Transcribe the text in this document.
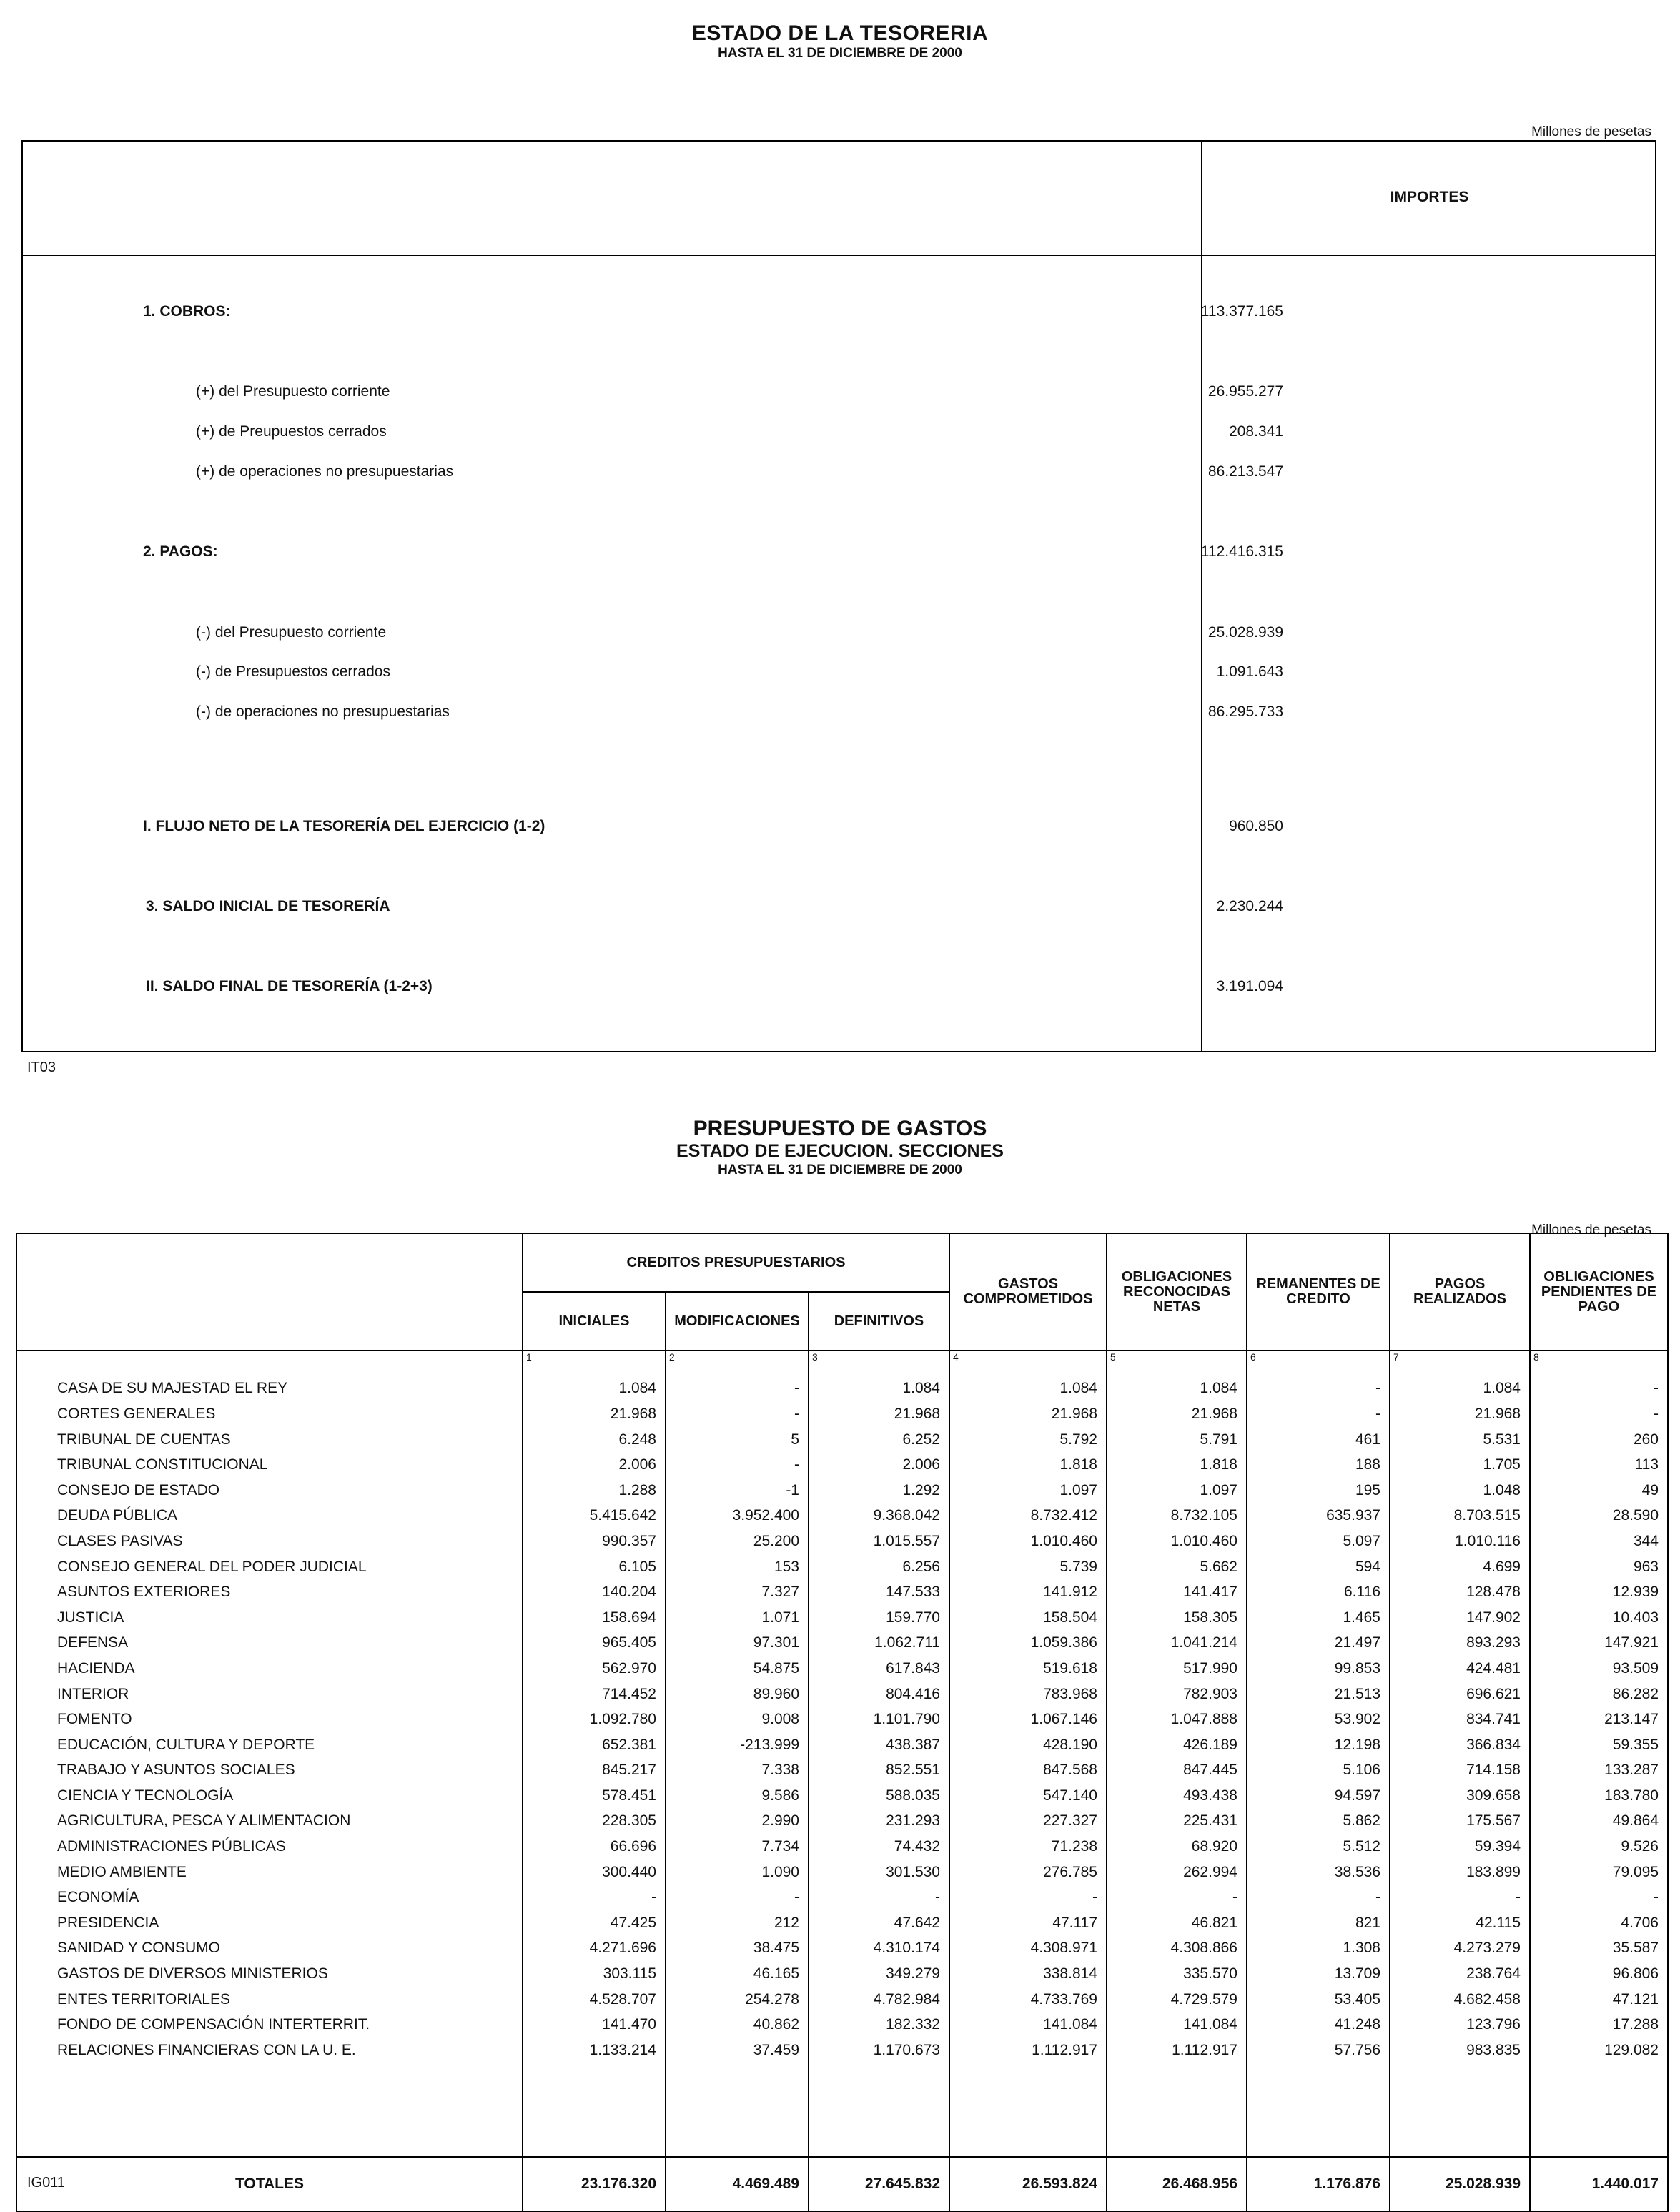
ESTADO DE LA TESORERIA
HASTA EL 31 DE DICIEMBRE DE 2000
Millones de pesetas
IMPORTES
1. COBROS:	113.377.165
(+) del Presupuesto corriente	26.955.277
(+) de Preupuestos cerrados	208.341
(+) de operaciones no presupuestarias	86.213.547
2. PAGOS:	112.416.315
(-) del Presupuesto corriente	25.028.939
(-) de Presupuestos cerrados	1.091.643
(-) de operaciones no presupuestarias	86.295.733
I. FLUJO NETO DE LA TESORERÍA DEL EJERCICIO (1-2)	960.850
3. SALDO INICIAL DE TESORERÍA	2.230.244
II. SALDO FINAL DE TESORERÍA (1-2+3)	3.191.094
IT03
PRESUPUESTO DE GASTOS
ESTADO DE EJECUCION. SECCIONES
HASTA EL 31 DE DICIEMBRE DE 2000
Millones de pesetas
	CREDITOS PRESUPUESTARIOS			GASTOS COMPROMETIDOS	OBLIGACIONES RECONOCIDAS NETAS	REMANENTES DE CREDITO	PAGOS REALIZADOS	OBLIGACIONES PENDIENTES DE PAGO
	INICIALES	MODIFICACIONES	DEFINITIVOS					
	1	2	3	4	5	6	7	8
CASA DE SU MAJESTAD EL REY	1.084	-	1.084	1.084	1.084	-	1.084	-
CORTES GENERALES	21.968	-	21.968	21.968	21.968	-	21.968	-
TRIBUNAL DE CUENTAS	6.248	5	6.252	5.792	5.791	461	5.531	260
TRIBUNAL CONSTITUCIONAL	2.006	-	2.006	1.818	1.818	188	1.705	113
CONSEJO DE ESTADO	1.288	-1	1.292	1.097	1.097	195	1.048	49
DEUDA PÚBLICA	5.415.642	3.952.400	9.368.042	8.732.412	8.732.105	635.937	8.703.515	28.590
CLASES PASIVAS	990.357	25.200	1.015.557	1.010.460	1.010.460	5.097	1.010.116	344
CONSEJO GENERAL DEL PODER JUDICIAL	6.105	153	6.256	5.739	5.662	594	4.699	963
ASUNTOS EXTERIORES	140.204	7.327	147.533	141.912	141.417	6.116	128.478	12.939
JUSTICIA	158.694	1.071	159.770	158.504	158.305	1.465	147.902	10.403
DEFENSA	965.405	97.301	1.062.711	1.059.386	1.041.214	21.497	893.293	147.921
HACIENDA	562.970	54.875	617.843	519.618	517.990	99.853	424.481	93.509
INTERIOR	714.452	89.960	804.416	783.968	782.903	21.513	696.621	86.282
FOMENTO	1.092.780	9.008	1.101.790	1.067.146	1.047.888	53.902	834.741	213.147
EDUCACIÓN, CULTURA Y DEPORTE	652.381	-213.999	438.387	428.190	426.189	12.198	366.834	59.355
TRABAJO Y ASUNTOS SOCIALES	845.217	7.338	852.551	847.568	847.445	5.106	714.158	133.287
CIENCIA Y TECNOLOGÍA	578.451	9.586	588.035	547.140	493.438	94.597	309.658	183.780
AGRICULTURA, PESCA Y ALIMENTACION	228.305	2.990	231.293	227.327	225.431	5.862	175.567	49.864
ADMINISTRACIONES PÚBLICAS	66.696	7.734	74.432	71.238	68.920	5.512	59.394	9.526
MEDIO AMBIENTE	300.440	1.090	301.530	276.785	262.994	38.536	183.899	79.095
ECONOMÍA	-	-	-	-	-	-	-	-
PRESIDENCIA	47.425	212	47.642	47.117	46.821	821	42.115	4.706
SANIDAD Y CONSUMO	4.271.696	38.475	4.310.174	4.308.971	4.308.866	1.308	4.273.279	35.587
GASTOS DE DIVERSOS MINISTERIOS	303.115	46.165	349.279	338.814	335.570	13.709	238.764	96.806
ENTES TERRITORIALES	4.528.707	254.278	4.782.984	4.733.769	4.729.579	53.405	4.682.458	47.121
FONDO DE COMPENSACIÓN INTERTERRIT.	141.470	40.862	182.332	141.084	141.084	41.248	123.796	17.288
RELACIONES FINANCIERAS CON LA U. E.	1.133.214	37.459	1.170.673	1.112.917	1.112.917	57.756	983.835	129.082

TOTALES	23.176.320	4.469.489	27.645.832	26.593.824	26.468.956	1.176.876	25.028.939	1.440.017
IG011
